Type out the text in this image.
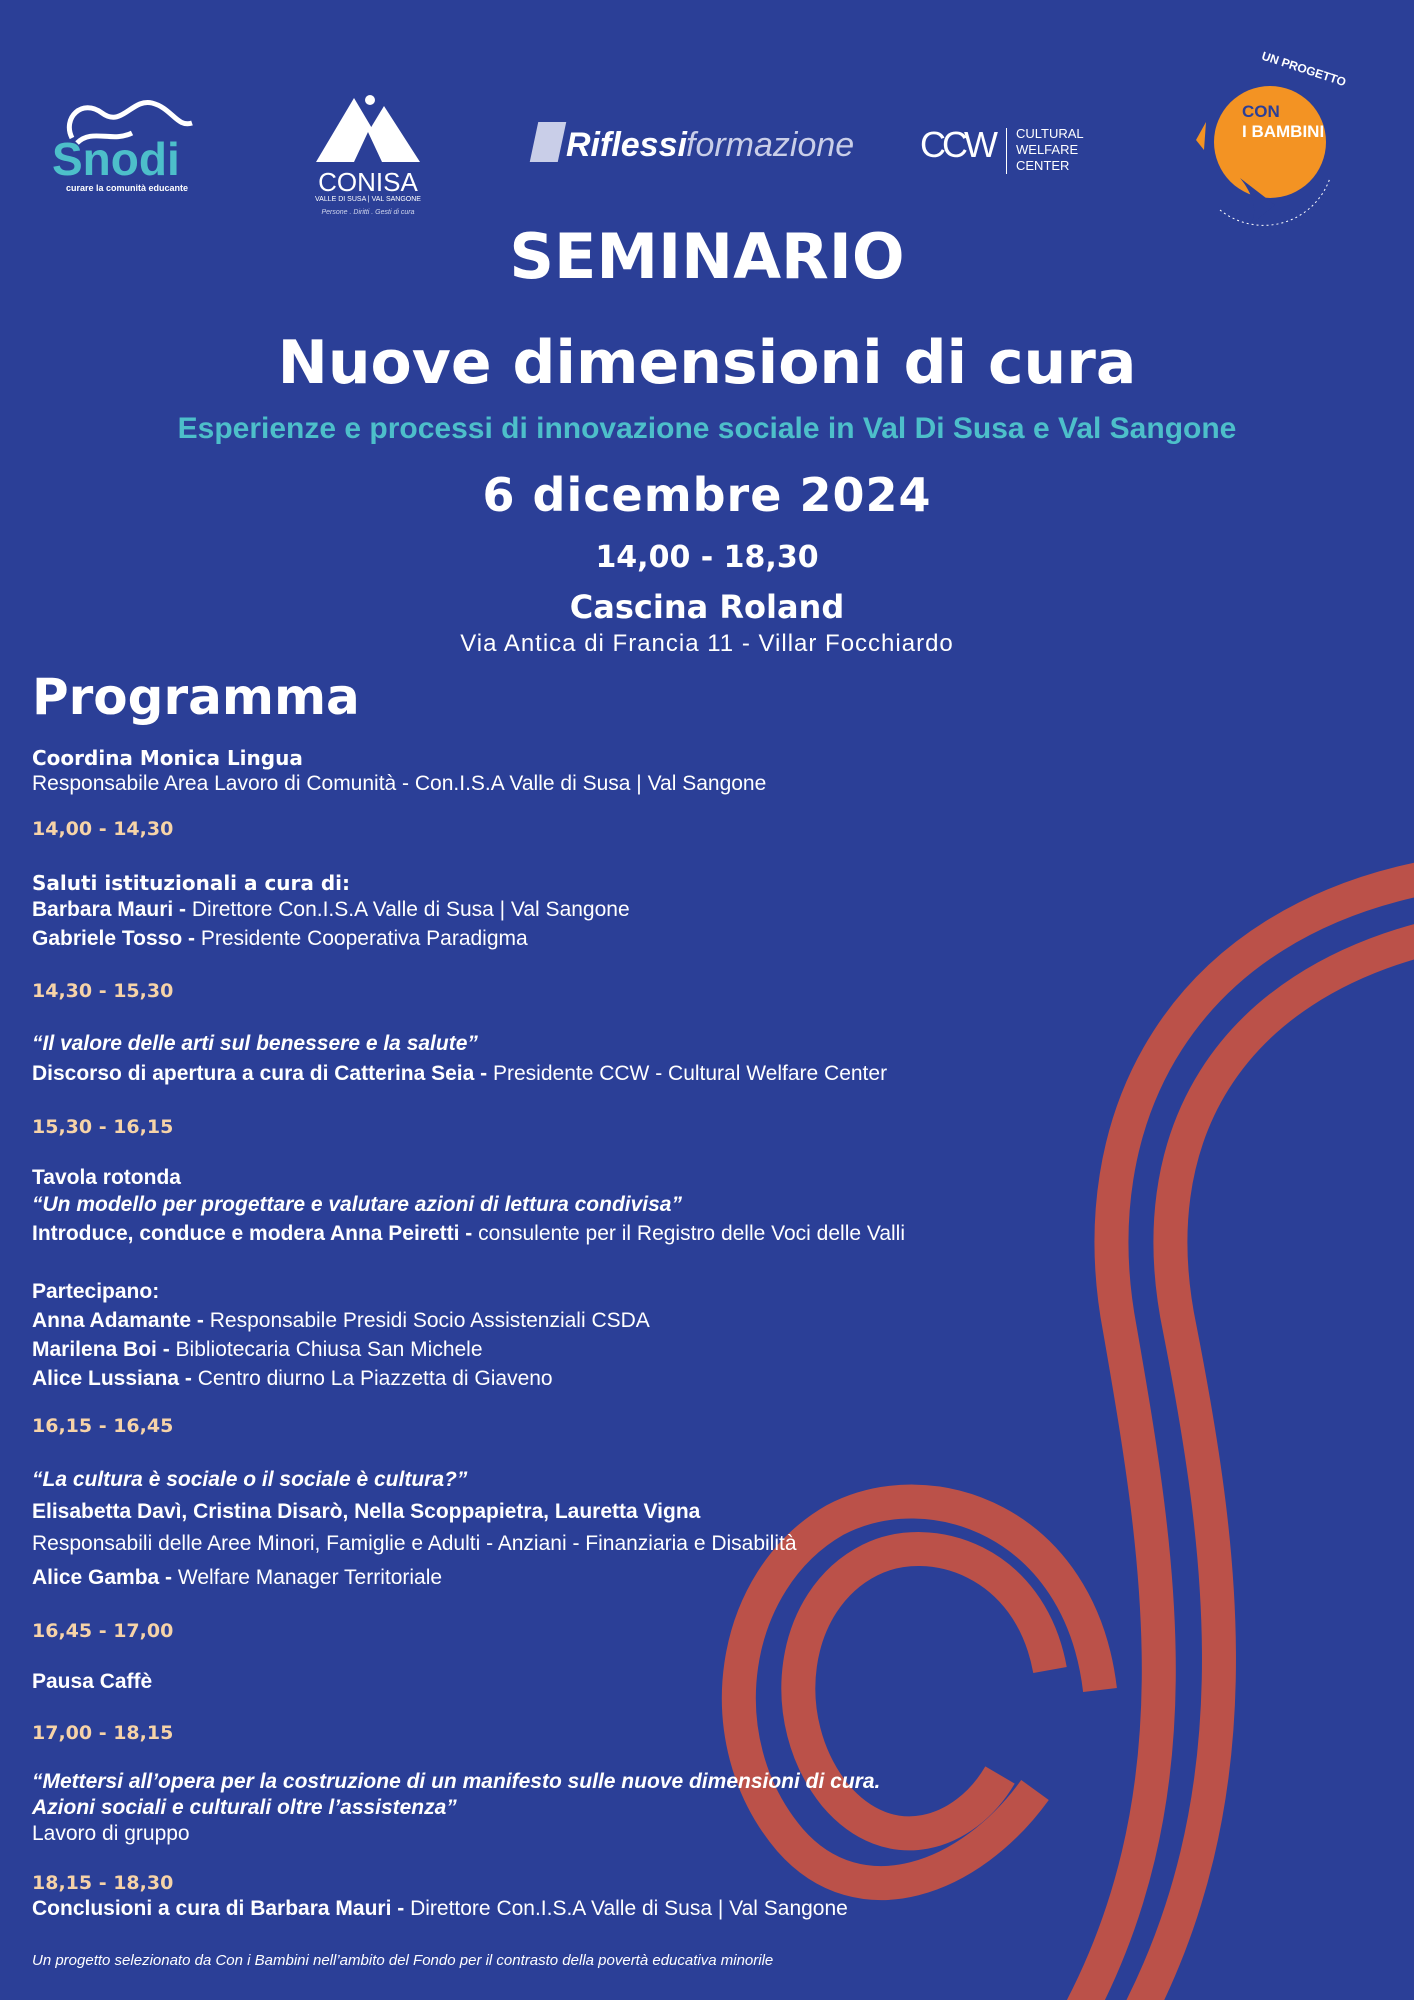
Snodi
curare la comunità educante	CONISA
VALLE DI SUSA | VAL SANGONE
Persone . Diritti . Gesti di cura
Riflessi formazione CCW CULTURAL
WELFARE
CENTER
UN PROGETTO
CON
I BAMBINI
SEMINARIO
Nuove dimensioni di cura
Esperienze e processi di innovazione sociale in Val Di Susa e Val Sangone
6 dicembre 2024
14,00 - 18,30
Cascina Roland
Via Antica di Francia 11 - Villar Focchiardo
Programma
Coordina Monica Lingua
Responsabile Area Lavoro di Comunità - Con.I.S.A Valle di Susa | Val Sangone
14,00 - 14,30
Saluti istituzionali a cura di:
Barbara Mauri - Direttore Con.I.S.A Valle di Susa | Val Sangone
Gabriele Tosso - Presidente Cooperativa Paradigma
14,30 - 15,30
“Il valore delle arti sul benessere e la salute”
Discorso di apertura a cura di Catterina Seia - Presidente CCW - Cultural Welfare Center
15,30 - 16,15
Tavola rotonda
“Un modello per progettare e valutare azioni di lettura condivisa”
Introduce, conduce e modera Anna Peiretti - consulente per il Registro delle Voci delle Valli
Partecipano:
Anna Adamante - Responsabile Presidi Socio Assistenziali CSDA
Marilena Boi - Bibliotecaria Chiusa San Michele
Alice Lussiana - Centro diurno La Piazzetta di Giaveno
16,15 - 16,45
“La cultura è sociale o il sociale è cultura?”
Elisabetta Davì, Cristina Disarò, Nella Scoppapietra, Lauretta Vigna
Responsabili delle Aree Minori, Famiglie e Adulti - Anziani - Finanziaria e Disabilità
Alice Gamba - Welfare Manager Territoriale
16,45 - 17,00
Pausa Caffè
17,00 - 18,15
“Mettersi all’opera per la costruzione di un manifesto sulle nuove dimensioni di cura.
Azioni sociali e culturali oltre l’assistenza”
Lavoro di gruppo
18,15 - 18,30
Conclusioni a cura di Barbara Mauri - Direttore Con.I.S.A Valle di Susa | Val Sangone
Un progetto selezionato da Con i Bambini nell’ambito del Fondo per il contrasto della povertà educativa minorile
